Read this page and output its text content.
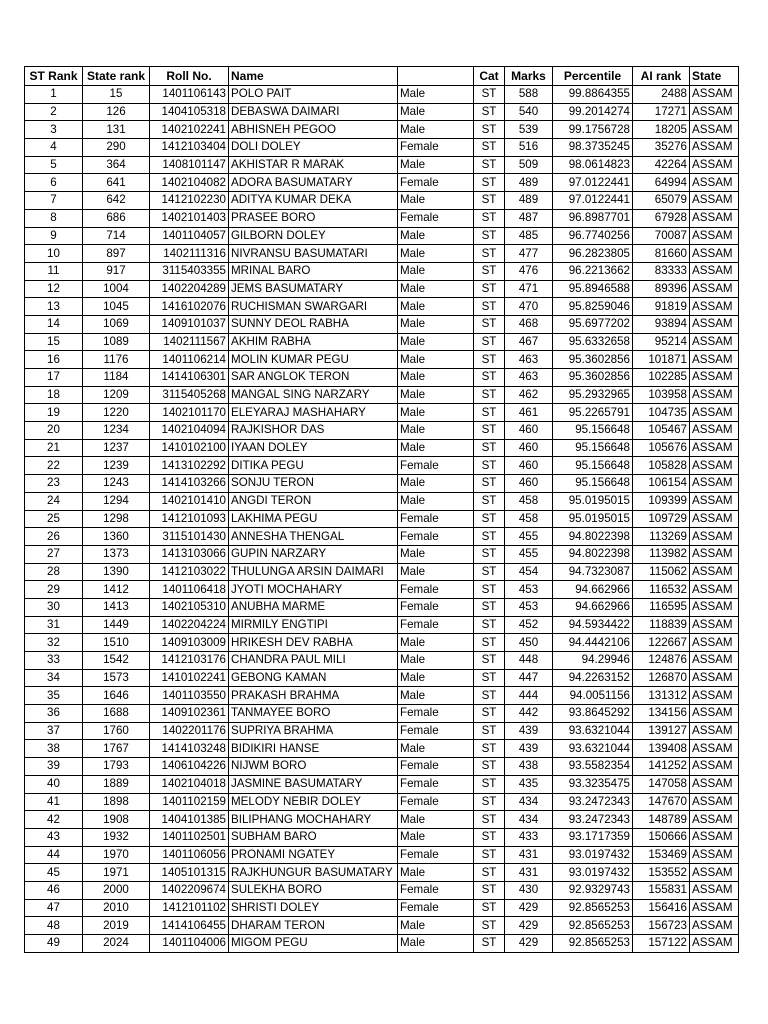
ST Rank	State rank	Roll No.	Name		Cat	Marks	Percentile	AI rank	State
1	15	1401106143	POLO PAIT	Male	ST	588	99.8864355	2488	ASSAM
2	126	1404105318	DEBASWA DAIMARI	Male	ST	540	99.2014274	17271	ASSAM
3	131	1402102241	ABHISNEH PEGOO	Male	ST	539	99.1756728	18205	ASSAM
4	290	1412103404	DOLI DOLEY	Female	ST	516	98.3735245	35276	ASSAM
5	364	1408101147	AKHISTAR R MARAK	Male	ST	509	98.0614823	42264	ASSAM
6	641	1402104082	ADORA BASUMATARY	Female	ST	489	97.0122441	64994	ASSAM
7	642	1412102230	ADITYA KUMAR DEKA	Male	ST	489	97.0122441	65079	ASSAM
8	686	1402101403	PRASEE BORO	Female	ST	487	96.8987701	67928	ASSAM
9	714	1401104057	GILBORN DOLEY	Male	ST	485	96.7740256	70087	ASSAM
10	897	1402111316	NIVRANSU BASUMATARI	Male	ST	477	96.2823805	81660	ASSAM
11	917	3115403355	MRINAL BARO	Male	ST	476	96.2213662	83333	ASSAM
12	1004	1402204289	JEMS BASUMATARY	Male	ST	471	95.8946588	89396	ASSAM
13	1045	1416102076	RUCHISMAN SWARGARI	Male	ST	470	95.8259046	91819	ASSAM
14	1069	1409101037	SUNNY DEOL RABHA	Male	ST	468	95.6977202	93894	ASSAM
15	1089	1402111567	AKHIM RABHA	Male	ST	467	95.6332658	95214	ASSAM
16	1176	1401106214	MOLIN KUMAR PEGU	Male	ST	463	95.3602856	101871	ASSAM
17	1184	1414106301	SAR ANGLOK TERON	Male	ST	463	95.3602856	102285	ASSAM
18	1209	3115405268	MANGAL SING NARZARY	Male	ST	462	95.2932965	103958	ASSAM
19	1220	1402101170	ELEYARAJ MASHAHARY	Male	ST	461	95.2265791	104735	ASSAM
20	1234	1402104094	RAJKISHOR DAS	Male	ST	460	95.156648	105467	ASSAM
21	1237	1410102100	IYAAN DOLEY	Male	ST	460	95.156648	105676	ASSAM
22	1239	1413102292	DITIKA PEGU	Female	ST	460	95.156648	105828	ASSAM
23	1243	1414103266	SONJU TERON	Male	ST	460	95.156648	106154	ASSAM
24	1294	1402101410	ANGDI TERON	Male	ST	458	95.0195015	109399	ASSAM
25	1298	1412101093	LAKHIMA PEGU	Female	ST	458	95.0195015	109729	ASSAM
26	1360	3115101430	ANNESHA THENGAL	Female	ST	455	94.8022398	113269	ASSAM
27	1373	1413103066	GUPIN NARZARY	Male	ST	455	94.8022398	113982	ASSAM
28	1390	1412103022	THULUNGA ARSIN DAIMARI	Male	ST	454	94.7323087	115062	ASSAM
29	1412	1401106418	JYOTI MOCHAHARY	Female	ST	453	94.662966	116532	ASSAM
30	1413	1402105310	ANUBHA MARME	Female	ST	453	94.662966	116595	ASSAM
31	1449	1402204224	MIRMILY ENGTIPI	Female	ST	452	94.5934422	118839	ASSAM
32	1510	1409103009	HRIKESH DEV RABHA	Male	ST	450	94.4442106	122667	ASSAM
33	1542	1412103176	CHANDRA PAUL MILI	Male	ST	448	94.29946	124876	ASSAM
34	1573	1410102241	GEBONG KAMAN	Male	ST	447	94.2263152	126870	ASSAM
35	1646	1401103550	PRAKASH BRAHMA	Male	ST	444	94.0051156	131312	ASSAM
36	1688	1409102361	TANMAYEE BORO	Female	ST	442	93.8645292	134156	ASSAM
37	1760	1402201176	SUPRIYA BRAHMA	Female	ST	439	93.6321044	139127	ASSAM
38	1767	1414103248	BIDIKIRI HANSE	Male	ST	439	93.6321044	139408	ASSAM
39	1793	1406104226	NIJWM BORO	Female	ST	438	93.5582354	141252	ASSAM
40	1889	1402104018	JASMINE BASUMATARY	Female	ST	435	93.3235475	147058	ASSAM
41	1898	1401102159	MELODY NEBIR DOLEY	Female	ST	434	93.2472343	147670	ASSAM
42	1908	1404101385	BILIPHANG MOCHAHARY	Male	ST	434	93.2472343	148789	ASSAM
43	1932	1401102501	SUBHAM BARO	Male	ST	433	93.1717359	150666	ASSAM
44	1970	1401106056	PRONAMI NGATEY	Female	ST	431	93.0197432	153469	ASSAM
45	1971	1405101315	RAJKHUNGUR BASUMATARY	Male	ST	431	93.0197432	153552	ASSAM
46	2000	1402209674	SULEKHA BORO	Female	ST	430	92.9329743	155831	ASSAM
47	2010	1412101102	SHRISTI DOLEY	Female	ST	429	92.8565253	156416	ASSAM
48	2019	1414106455	DHARAM TERON	Male	ST	429	92.8565253	156723	ASSAM
49	2024	1401104006	MIGOM PEGU	Male	ST	429	92.8565253	157122	ASSAM
